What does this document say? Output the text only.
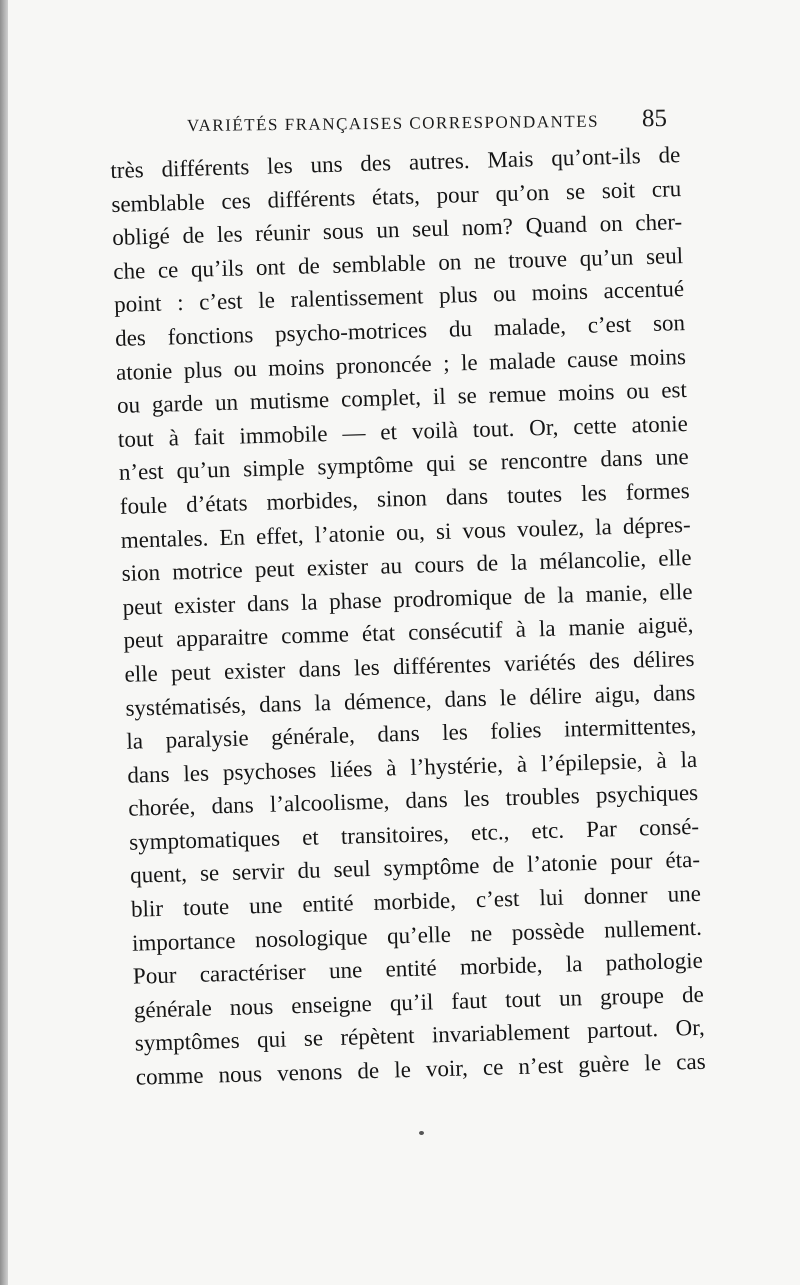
VARIÉTÉS FRANÇAISES CORRESPONDANTES 85
très différents les uns des autres. Mais qu’ont-ils de
semblable ces différents états, pour qu’on se soit cru
obligé de les réunir sous un seul nom? Quand on cher-
che ce qu’ils ont de semblable on ne trouve qu’un seul
point : c’est le ralentissement plus ou moins accentué
des fonctions psycho-motrices du malade, c’est son
atonie plus ou moins prononcée ; le malade cause moins
ou garde un mutisme complet, il se remue moins ou est
tout à fait immobile — et voilà tout. Or, cette atonie
n’est qu’un simple symptôme qui se rencontre dans une
foule d’états morbides, sinon dans toutes les formes
mentales. En effet, l’atonie ou, si vous voulez, la dépres-
sion motrice peut exister au cours de la mélancolie, elle
peut exister dans la phase prodromique de la manie, elle
peut apparaitre comme état consécutif à la manie aiguë,
elle peut exister dans les différentes variétés des délires
systématisés, dans la démence, dans le délire aigu, dans
la paralysie générale, dans les folies intermittentes,
dans les psychoses liées à l’hystérie, à l’épilepsie, à la
chorée, dans l’alcoolisme, dans les troubles psychiques
symptomatiques et transitoires, etc., etc. Par consé-
quent, se servir du seul symptôme de l’atonie pour éta-
blir toute une entité morbide, c’est lui donner une
importance nosologique qu’elle ne possède nullement.
Pour caractériser une entité morbide, la pathologie
générale nous enseigne qu’il faut tout un groupe de
symptômes qui se répètent invariablement partout. Or,
comme nous venons de le voir, ce n’est guère le cas
